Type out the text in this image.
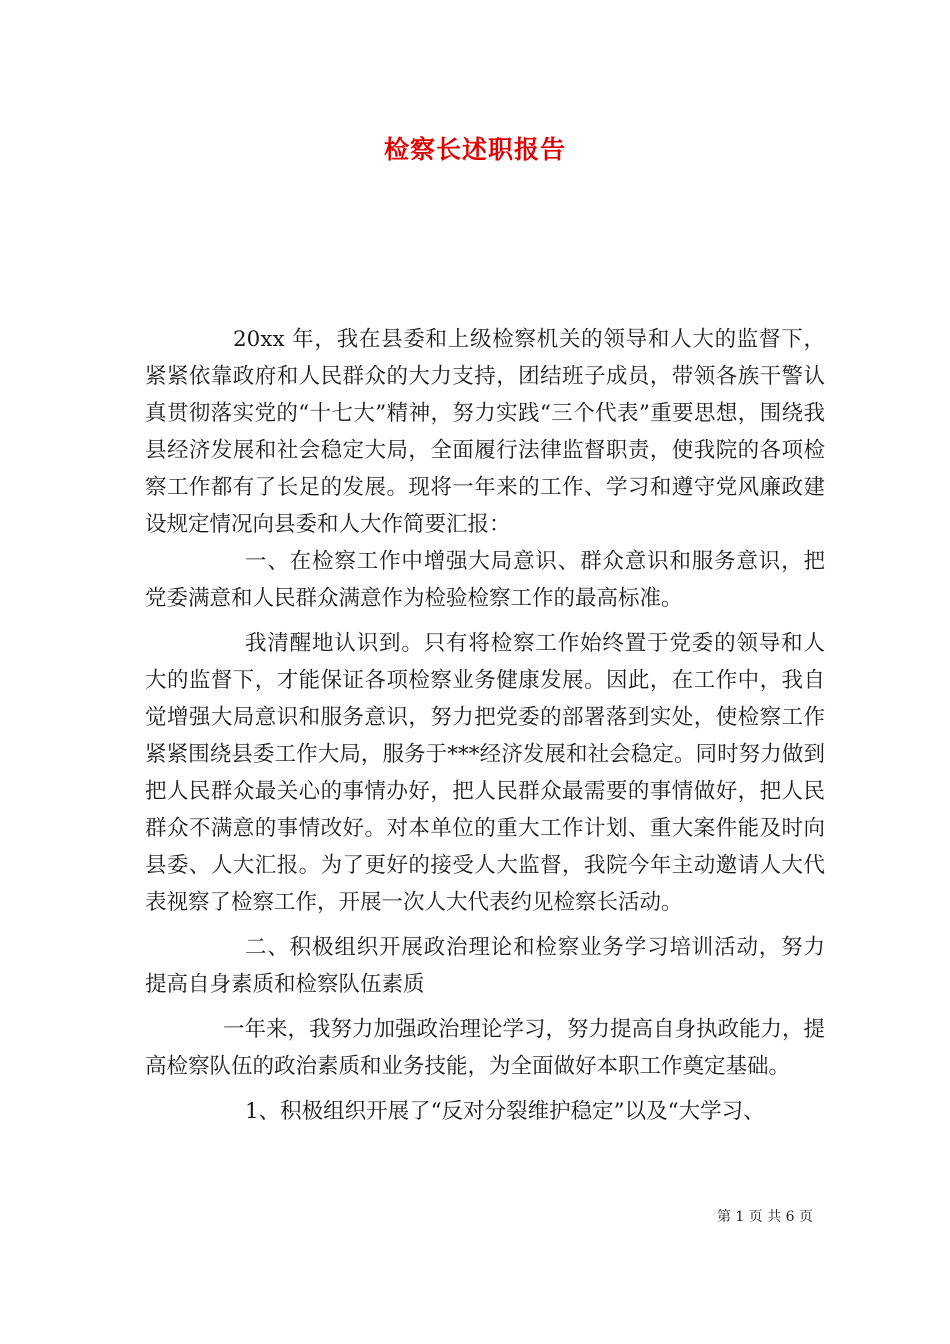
检察长述职报告

20xx 年，我在县委和上级检察机关的领导和人大的监督下，紧紧依靠政府和人民群众的大力支持，团结班子成员，带领各族干警认真贯彻落实党的“十七大”精神，努力实践“三个代表”重要思想，围绕我县经济发展和社会稳定大局，全面履行法律监督职责，使我院的各项检察工作都有了长足的发展。现将一年来的工作、学习和遵守党风廉政建设规定情况向县委和人大作简要汇报：

一、在检察工作中增强大局意识、群众意识和服务意识，把党委满意和人民群众满意作为检验检察工作的最高标准。

我清醒地认识到。只有将检察工作始终置于党委的领导和人大的监督下，才能保证各项检察业务健康发展。因此，在工作中，我自觉增强大局意识和服务意识，努力把党委的部署落到实处，使检察工作紧紧围绕县委工作大局，服务于***经济发展和社会稳定。同时努力做到把人民群众最关心的事情办好，把人民群众最需要的事情做好，把人民群众不满意的事情改好。对本单位的重大工作计划、重大案件能及时向县委、人大汇报。为了更好的接受人大监督，我院今年主动邀请人大代表视察了检察工作，开展一次人大代表约见检察长活动。

二、积极组织开展政治理论和检察业务学习培训活动，努力提高自身素质和检察队伍素质

一年来，我努力加强政治理论学习，努力提高自身执政能力，提高检察队伍的政治素质和业务技能，为全面做好本职工作奠定基础。

1、积极组织开展了“反对分裂维护稳定”以及“大学习、

第 1 页 共 6 页
